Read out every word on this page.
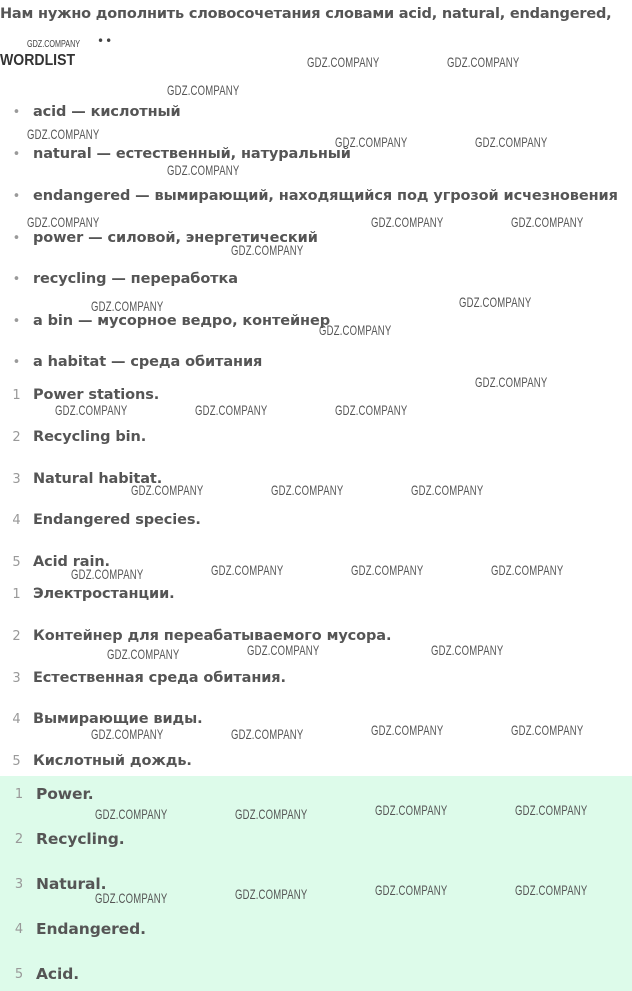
Нам нужно дополнить словосочетания словами acid, natural, endangered,
GDZ.COMPANY ••
WORDLIST
• acid — кислотный
• natural — естественный, натуральный
• endangered — вымирающий, находящийся под угрозой исчезновения
• power — силовой, энергетический
• recycling — переработка
• a bin — мусорное ведро, контейнер
• a habitat — среда обитания
1 Power stations.
2 Recycling bin.
3 Natural habitat.
4 Endangered species.
5 Acid rain.
1 Электростанции.
2 Контейнер для переабатываемого мусора.
3 Естественная среда обитания.
4 Вымирающие виды.
5 Кислотный дождь.
1 Power.
2 Recycling.
3 Natural.
4 Endangered.
5 Acid.
GDZ.COMPANY	GDZ.COMPANY
GDZ.COMPANY
GDZ.COMPANY	GDZ.COMPANY	GDZ.COMPANY
GDZ.COMPANY
GDZ.COMPANY	GDZ.COMPANY	GDZ.COMPANY
GDZ.COMPANY
GDZ.COMPANY
GDZ.COMPANY
GDZ.COMPANY
GDZ.COMPANY
GDZ.COMPANY	GDZ.COMPANY	GDZ.COMPANY
GDZ.COMPANY	GDZ.COMPANY	GDZ.COMPANY
GDZ.COMPANY	GDZ.COMPANY	GDZ.COMPANY	GDZ.COMPANY
GDZ.COMPANY	GDZ.COMPANY	GDZ.COMPANY
GDZ.COMPANY	GDZ.COMPANY	GDZ.COMPANY	GDZ.COMPANY
GDZ.COMPANY	GDZ.COMPANY	GDZ.COMPANY	GDZ.COMPANY
GDZ.COMPANY	GDZ.COMPANY	GDZ.COMPANY	GDZ.COMPANY
